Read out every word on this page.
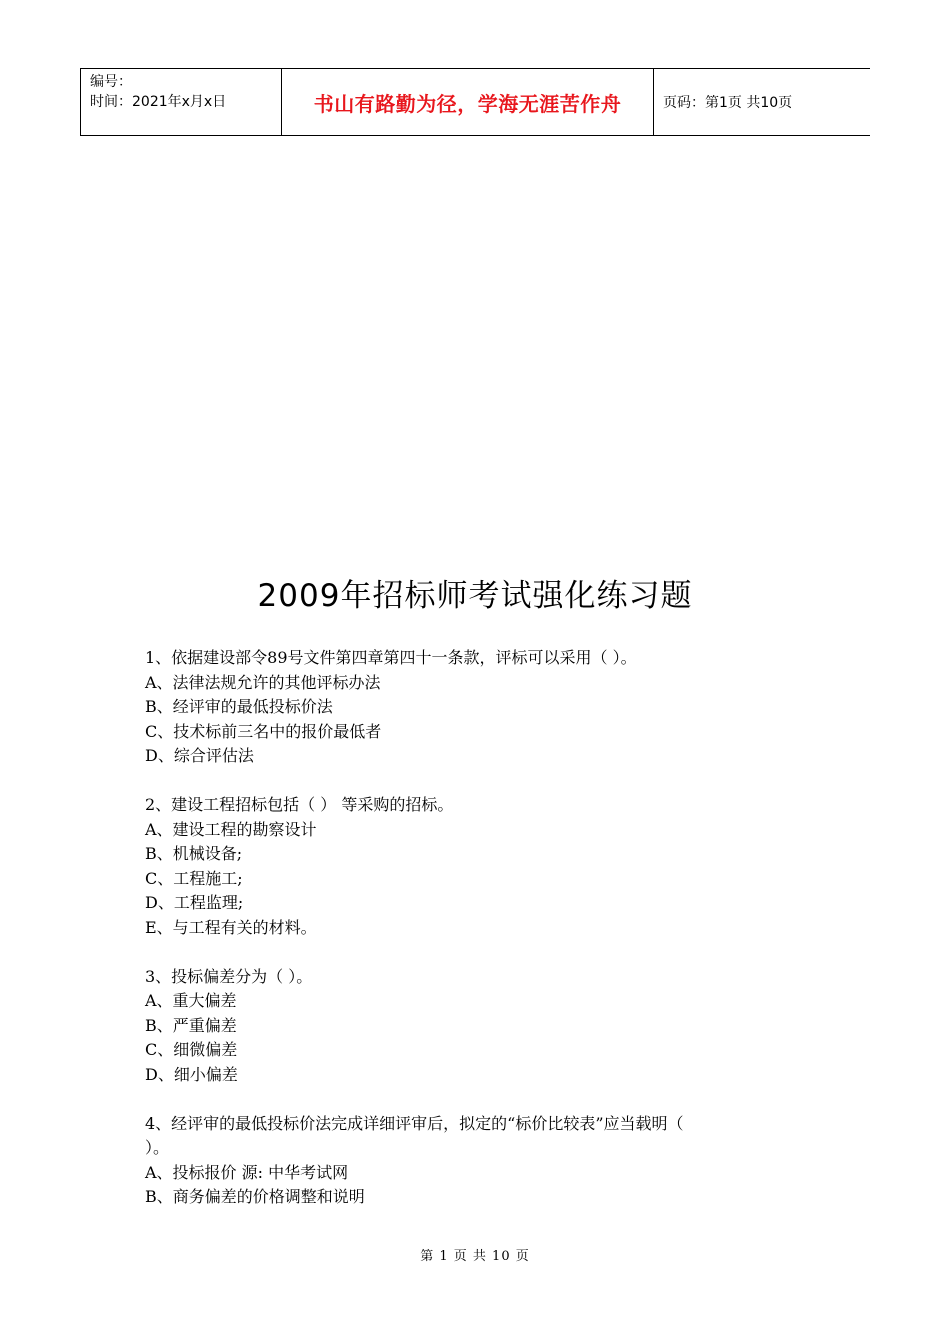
编号：
时间：2021年x月x日	书山有路勤为径，学海无涯苦作舟	页码：第1页 共10页
2009年招标师考试强化练习题
1、依据建设部令89号文件第四章第四十一条款，评标可以采用（ ）。
A、法律法规允许的其他评标办法
B、经评审的最低投标价法
C、技术标前三名中的报价最低者
D、综合评估法
2、建设工程招标包括（ ） 等采购的招标。
A、建设工程的勘察设计
B、机械设备;
C、工程施工;
D、工程监理;
E、与工程有关的材料。
3、投标偏差分为（ ）。
A、重大偏差
B、严重偏差
C、细微偏差
D、细小偏差
4、经评审的最低投标价法完成详细评审后，拟定的“标价比较表”应当载明（
）。
A、投标报价 源: 中华考试网
B、商务偏差的价格调整和说明
第 1 页 共 10 页
